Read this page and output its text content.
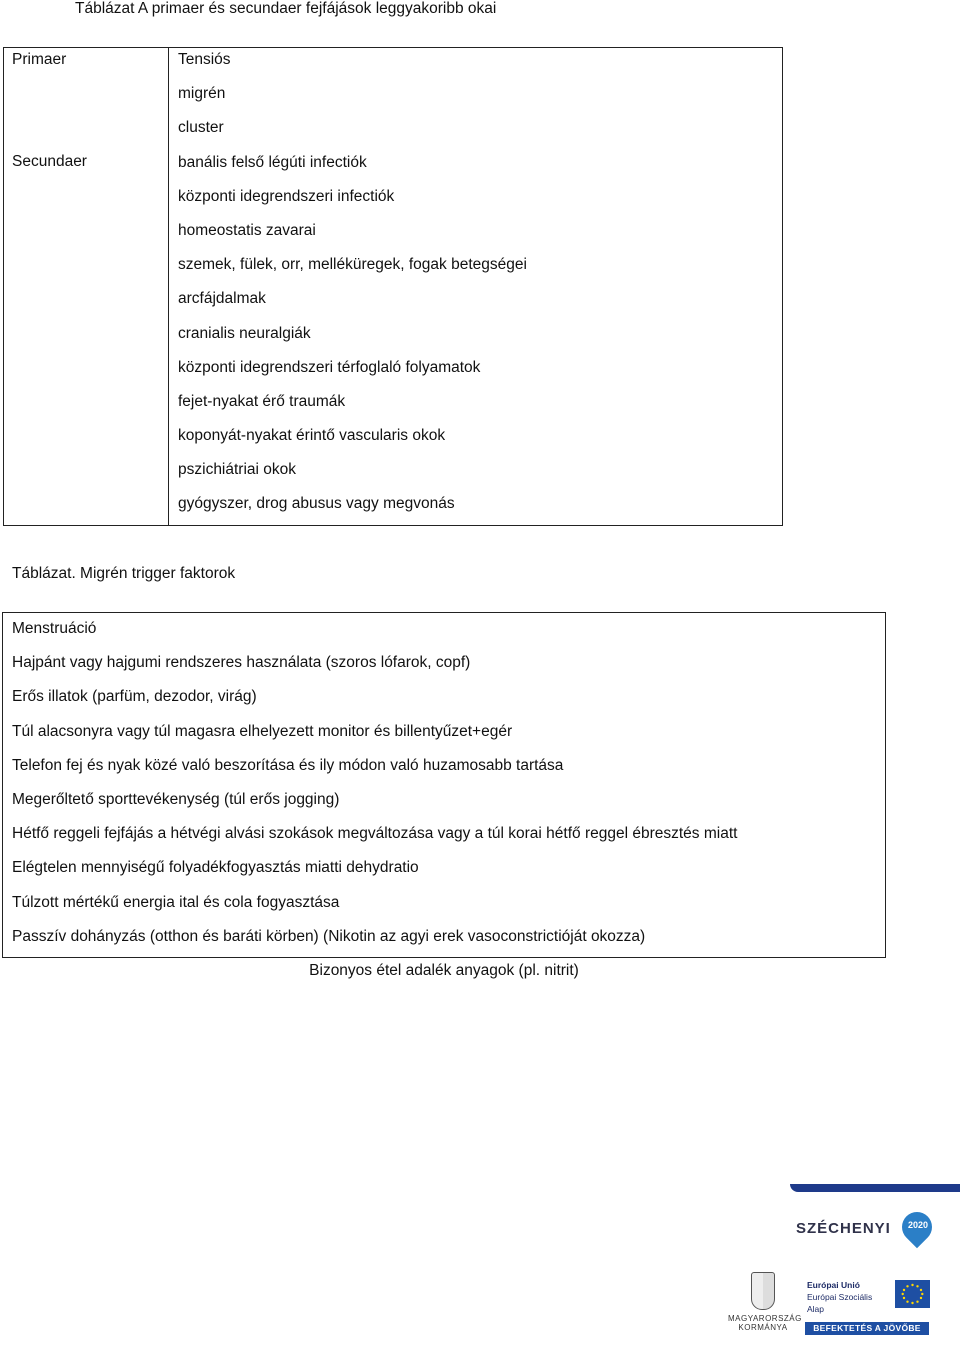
Táblázat A primaer és secundaer fejfájások leggyakoribb okai
Primaer
Secundaer
Tensiós
migrén
cluster
banális felső légúti infectiók
központi idegrendszeri infectiók
homeostatis zavarai
szemek, fülek, orr, melléküregek, fogak betegségei
arcfájdalmak
cranialis neuralgiák
központi idegrendszeri térfoglaló folyamatok
fejet-nyakat érő traumák
koponyát-nyakat érintő vascularis okok
pszichiátriai okok
gyógyszer, drog abusus vagy megvonás
Táblázat. Migrén trigger faktorok
Menstruáció
Hajpánt vagy hajgumi rendszeres használata (szoros lófarok, copf)
Erős illatok (parfüm, dezodor, virág)
Túl alacsonyra vagy túl magasra elhelyezett monitor és billentyűzet+egér
Telefon fej és nyak közé való beszorítása és ily módon való huzamosabb tartása
Megerőltető sporttevékenység (túl erős jogging)
Hétfő reggeli fejfájás a hétvégi alvási szokások megváltozása vagy a túl korai hétfő reggel ébresztés miatt
Elégtelen mennyiségű folyadékfogyasztás miatti dehydratio
Túlzott mértékű energia ital és cola fogyasztása
Passzív dohányzás (otthon és baráti körben) (Nikotin az agyi erek vasoconstrictióját okozza)
Bizonyos étel adalék anyagok (pl. nitrit)
SZÉCHENYI	2020
MAGYARORSZÁG
KORMÁNYA
Európai Unió
Európai Szociális
Alap
BEFEKTETÉS A JÖVŐBE
